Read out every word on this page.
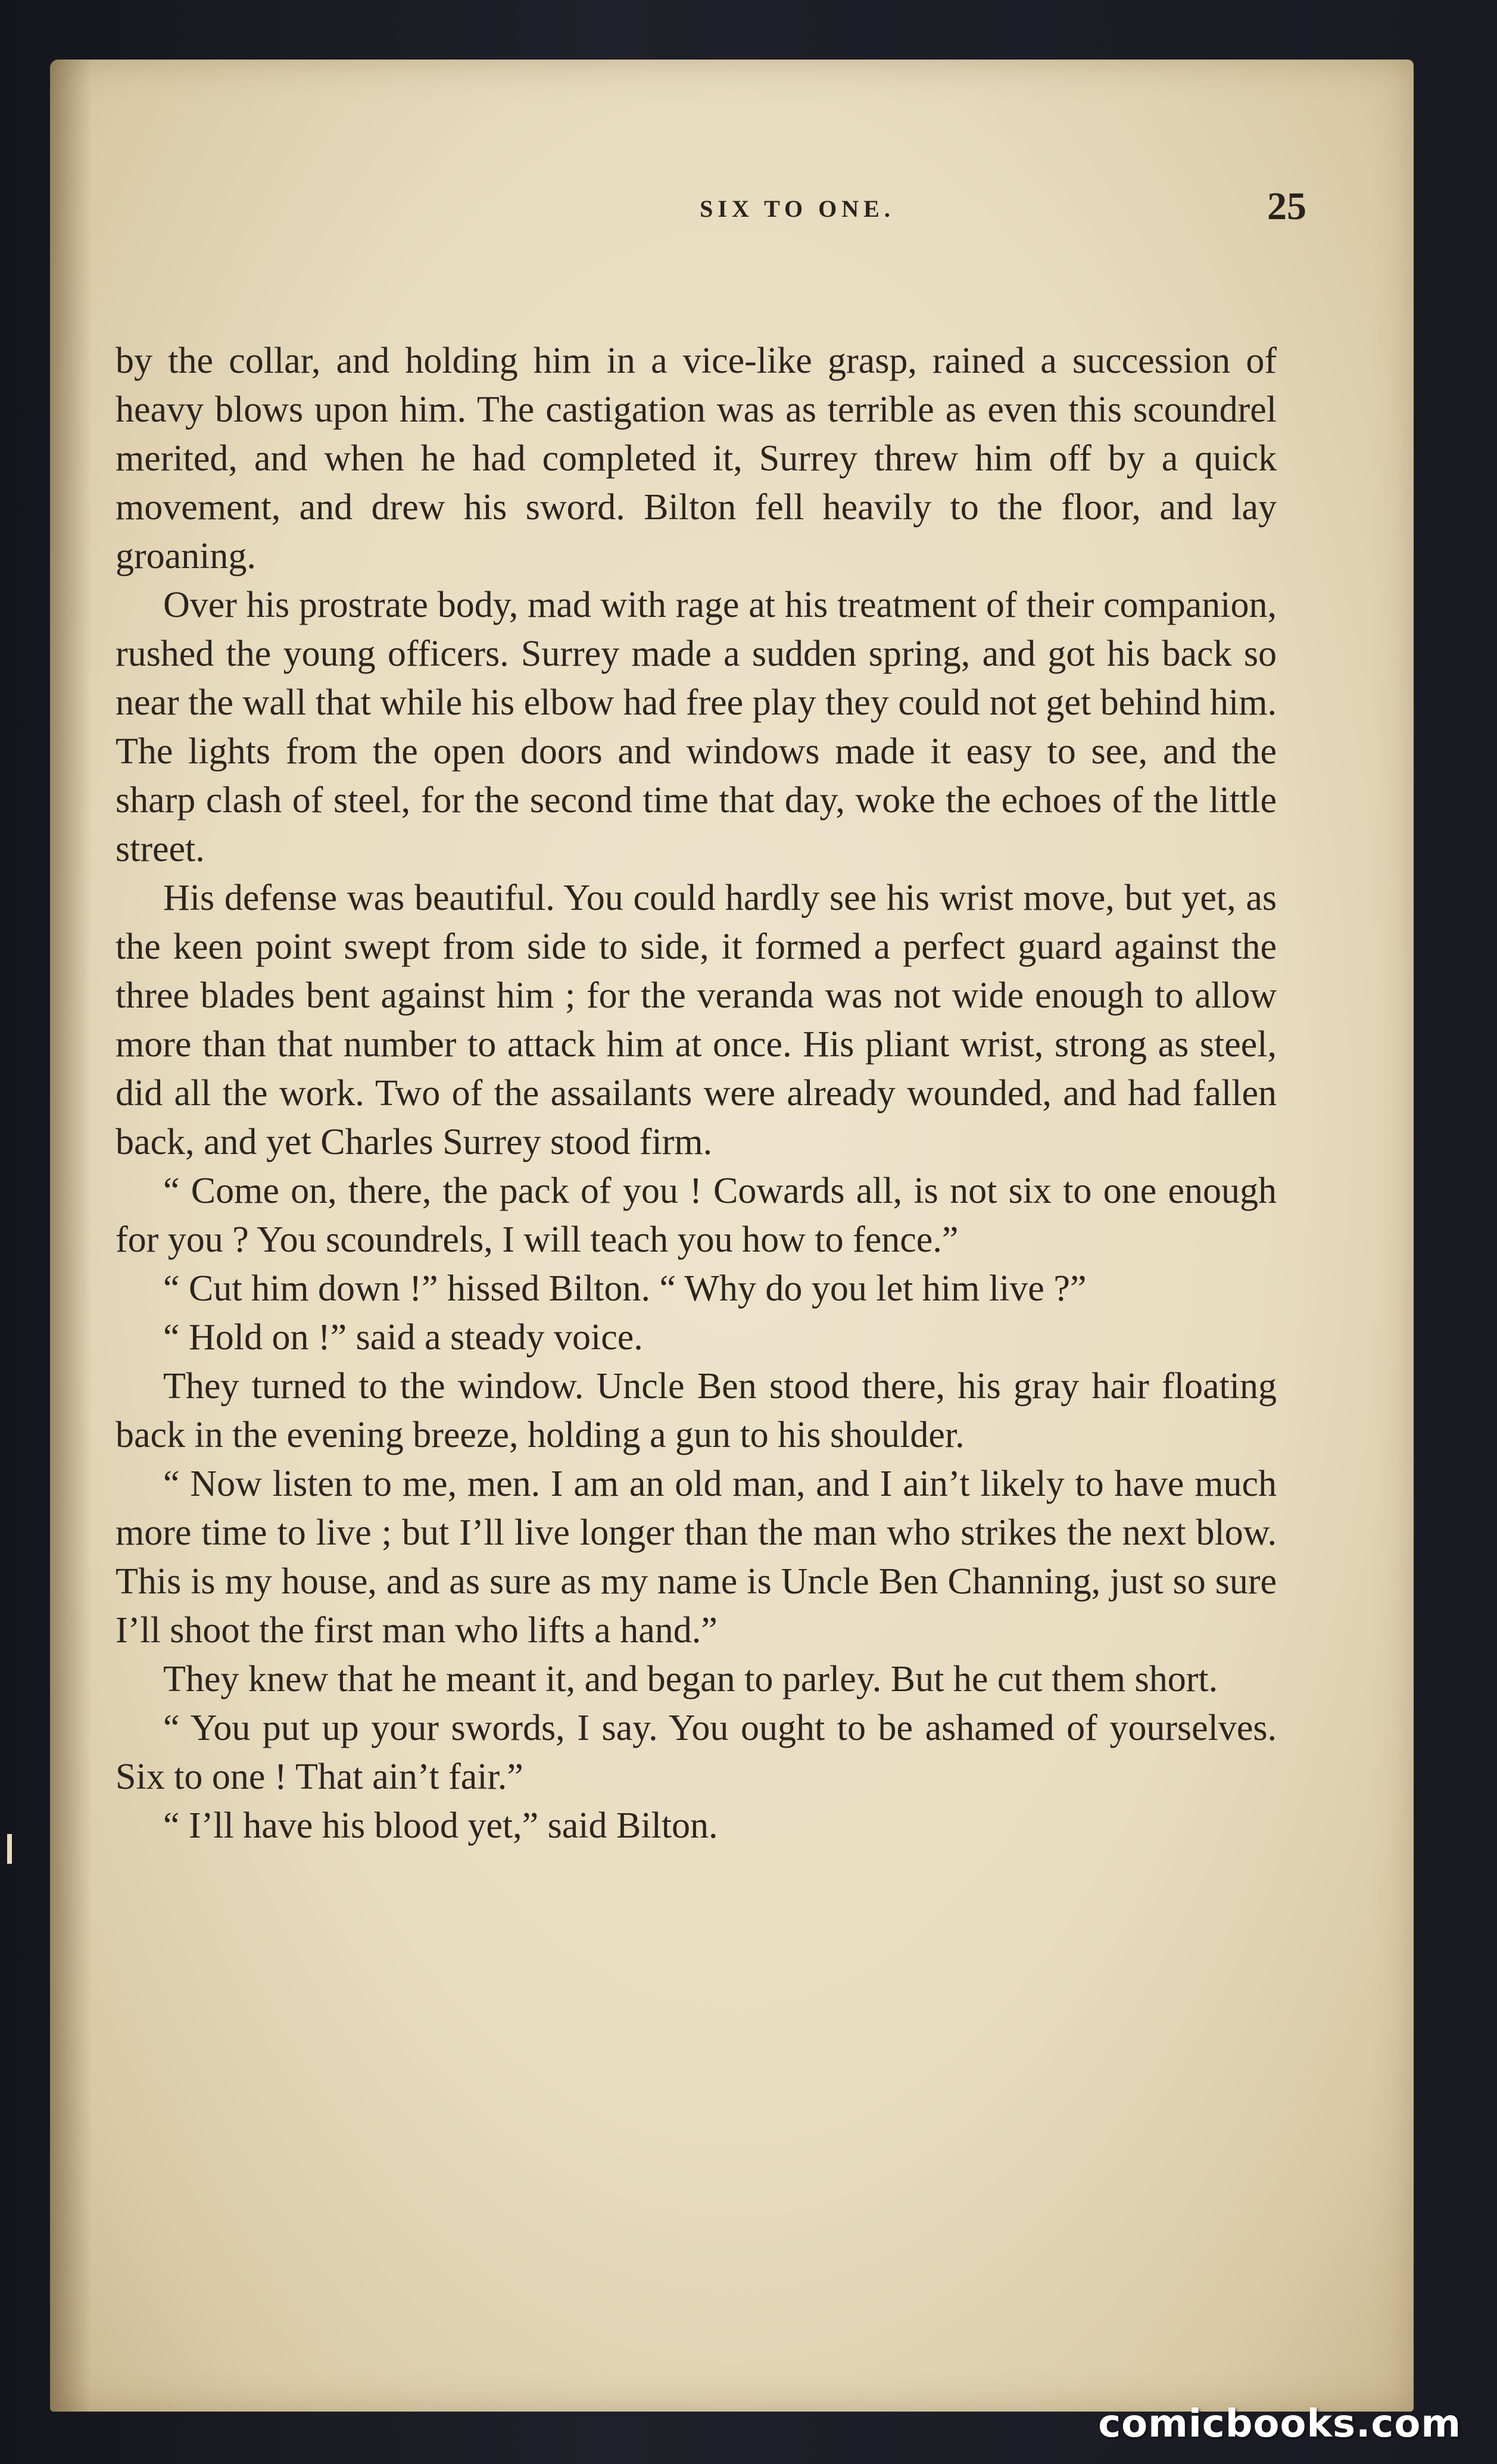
SIX TO ONE.	25

by the collar, and holding him in a vice-like grasp, rained a succession of heavy blows upon him. The castigation was as terrible as even this scoundrel merited, and when he had completed it, Surrey threw him off by a quick movement, and drew his sword. Bilton fell heavily to the floor, and lay groaning.

Over his prostrate body, mad with rage at his treatment of their companion, rushed the young officers. Surrey made a sudden spring, and got his back so near the wall that while his elbow had free play they could not get behind him. The lights from the open doors and windows made it easy to see, and the sharp clash of steel, for the second time that day, woke the echoes of the little street.

His defense was beautiful. You could hardly see his wrist move, but yet, as the keen point swept from side to side, it formed a perfect guard against the three blades bent against him ; for the veranda was not wide enough to allow more than that number to attack him at once. His pliant wrist, strong as steel, did all the work. Two of the assailants were already wounded, and had fallen back, and yet Charles Surrey stood firm.

“ Come on, there, the pack of you ! Cowards all, is not six to one enough for you ? You scoundrels, I will teach you how to fence.”

“ Cut him down !” hissed Bilton. “ Why do you let him live ?”

“ Hold on !” said a steady voice.

They turned to the window. Uncle Ben stood there, his gray hair floating back in the evening breeze, holding a gun to his shoulder.

“ Now listen to me, men. I am an old man, and I ain’t likely to have much more time to live ; but I’ll live longer than the man who strikes the next blow. This is my house, and as sure as my name is Uncle Ben Channing, just so sure I’ll shoot the first man who lifts a hand.”

They knew that he meant it, and began to parley. But he cut them short.

“ You put up your swords, I say. You ought to be ashamed of yourselves. Six to one ! That ain’t fair.”

“ I’ll have his blood yet,” said Bilton.

comicbooks.com
